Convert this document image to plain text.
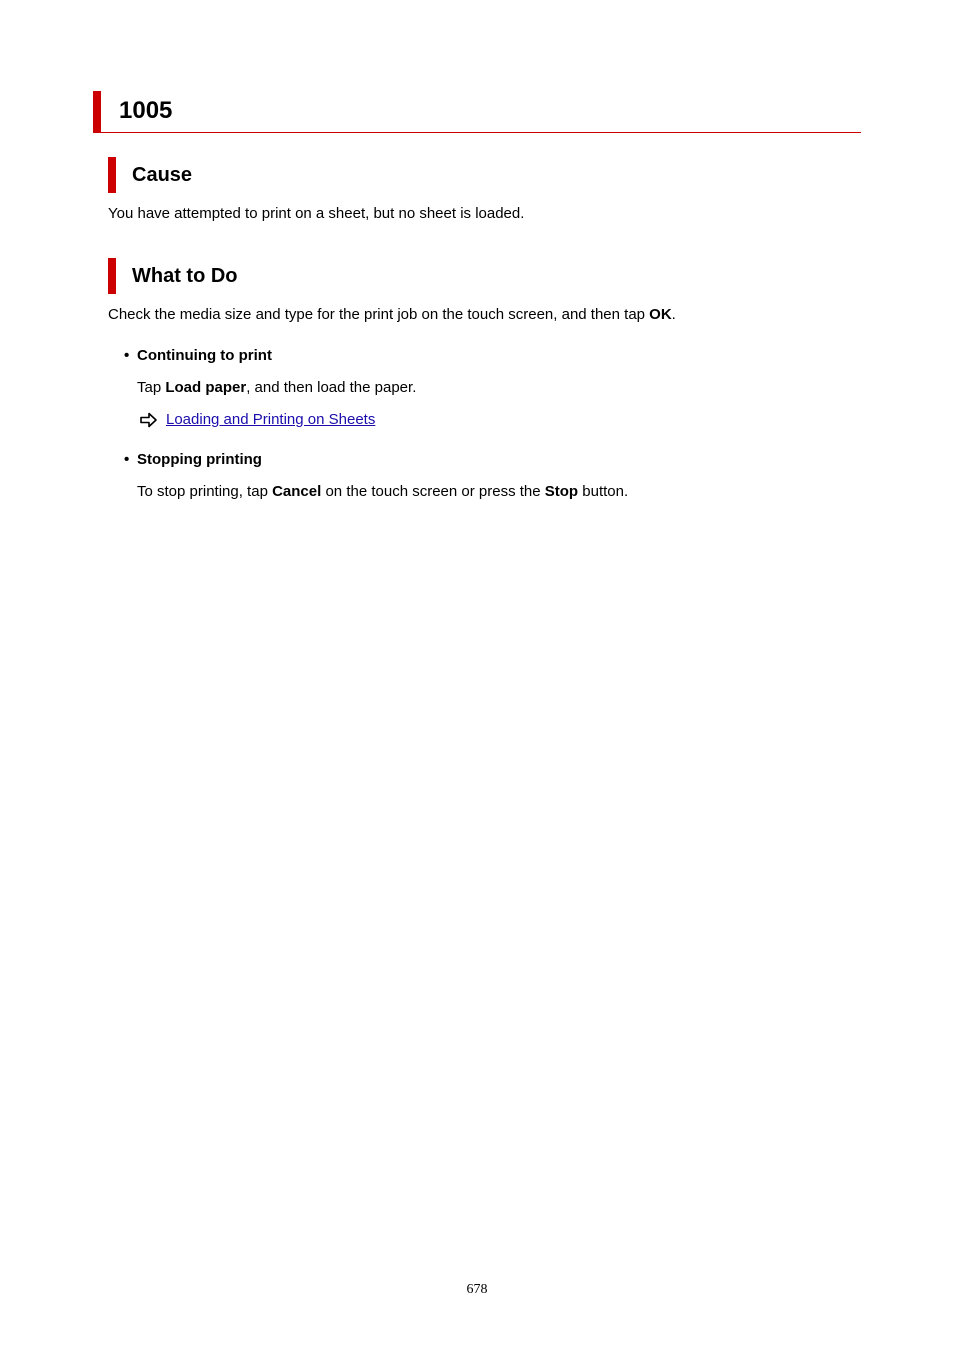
1005
Cause
You have attempted to print on a sheet, but no sheet is loaded.
What to Do
Check the media size and type for the print job on the touch screen, and then tap OK.
• Continuing to print
Tap Load paper, and then load the paper.
Loading and Printing on Sheets
• Stopping printing
To stop printing, tap Cancel on the touch screen or press the Stop button.
678
